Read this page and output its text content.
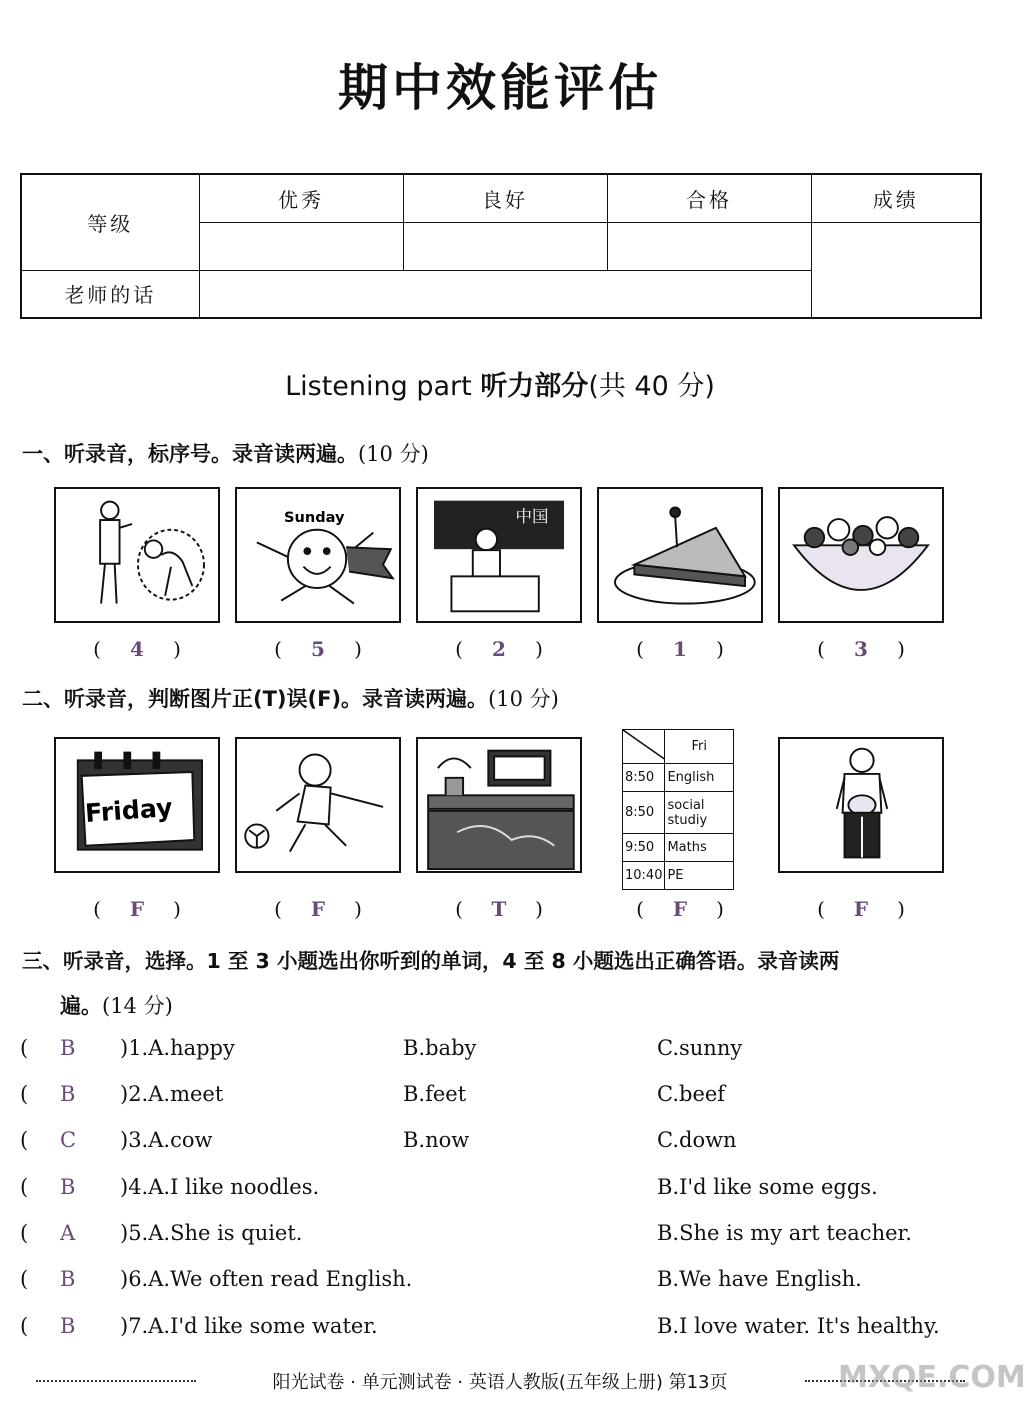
期中效能评估
等级	优秀	良好	合格	成绩

老师的话				
Listening part 听力部分(共 40 分)
一、听录音，标序号。录音读两遍。(10 分)
Sunday	中国
( 4 )	( 5 )	( 2 )	( 1 )	( 3 )
二、听录音，判断图片正(T)误(F)。录音读两遍。(10 分)
Friday
	Fri
8:50	English
8:50	social studiy
9:50	Maths
10:40	PE
( F )	( F )	( T )	( F )	( F )
三、听录音，选择。1 至 3 小题选出你听到的单词，4 至 8 小题选出正确答语。录音读两
遍。(14 分)
( B )1.A.happy	B.baby	C.sunny
( B )2.A.meet	B.feet	C.beef
( C )3.A.cow	B.now	C.down
( B )4.A.I like noodles.	B.I'd like some eggs.
( A )5.A.She is quiet.	B.She is my art teacher.
( B )6.A.We often read English.	B.We have English.
( B )7.A.I'd like some water.	B.I love water. It's healthy.
阳光试卷 · 单元测试卷 · 英语人教版(五年级上册) 第13页	MXQE.COM
